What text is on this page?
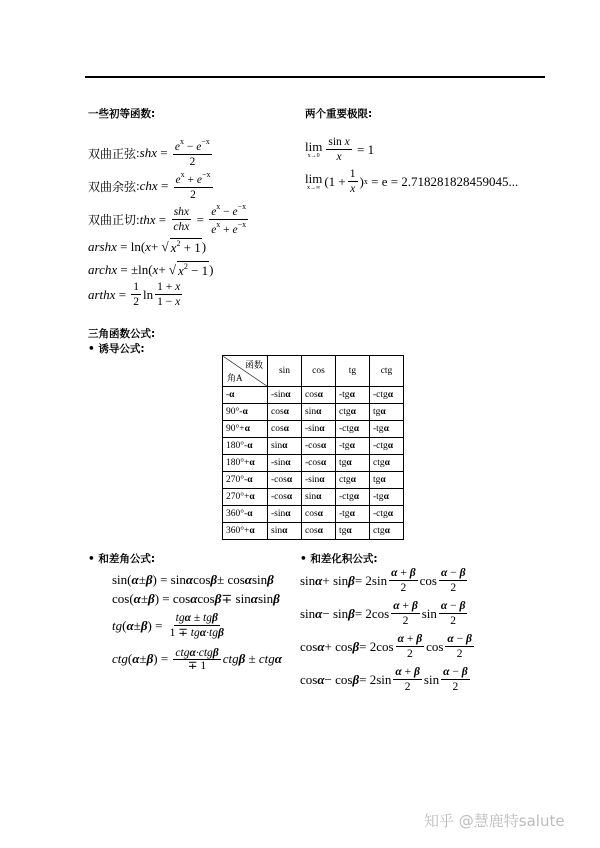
一些初等函数:	两个重要极限:
双曲正弦 : shx = $\frac{e^x - e^{-x}}{2}$
双曲余弦 : chx = $\frac{e^x + e^{-x}}{2}$
双曲正切 : thx = $\frac{\text{shx}}{\text{chx}} = \frac{e^x - e^{-x}}{e^x + e^{-x}}$
arshx = ln( x + √ $x^2 + 1$ )
archx = ±ln( x + √ $x^2 - 1$ )
arthx = $\frac{1}{2}$ $\ln \frac{1 + x}{1 - x}$
lim
$x\to 0 \frac{\text{sin x}}{x} = 1$
lim
x→∞ ($1 + \frac{1}{x}$ ) x
= e = 2.718281828459045...
三角函数公式:
• 诱导公式:
函数
角A	sin	cos	tg	ctg
-α	-sinα	cosα	-tgα	-ctgα
90°-α	cosα	sinα	ctgα	tgα
90°+α	cosα	-sinα	-ctgα	-tgα
180°-α	sinα	-cosα	-tgα	-ctgα
180°+α	-sinα	-cosα	tgα	ctgα
270°-α	-cosα	-sinα	ctgα	tgα
270°+α	-cosα	sinα	-ctgα	-tgα
360°-α	-sinα	cosα	-tgα	-ctgα
360°+α	sinα	cosα	tgα	ctgα
• 和差角公式:	• 和差化积公式:
sin( α ± β ) = sin α cos β ± cos α sin β
cos( α ± β ) = cos α cos β ∓ sin α sin β
tg ( α ± β ) = $\frac{\text{tgα ± tgβ}}{\text{1 ∓ tgα·tgβ}}$
ctg ( α ± β ) = ctgα·ctgβ
∓ 1	ctgβ ± ctgα
$\sin \alpha + \sin \beta = 2\sin \frac{\alpha + \beta}{2}$ $\cos \frac{\alpha - \beta}{2}$
$\sin \alpha - \sin \beta = 2\cos \frac{\alpha + \beta}{2}$ $\sin \frac{\alpha - \beta}{2}$
$\cos \alpha + \cos \beta = 2\cos \frac{\alpha + \beta}{2}$ $\cos \frac{\alpha - \beta}{2}$
$\cos \alpha - \cos \beta = 2\sin \frac{\alpha + \beta}{2}$ $\sin \frac{\alpha - \beta}{2}$
知乎 @慧鹿特salute
